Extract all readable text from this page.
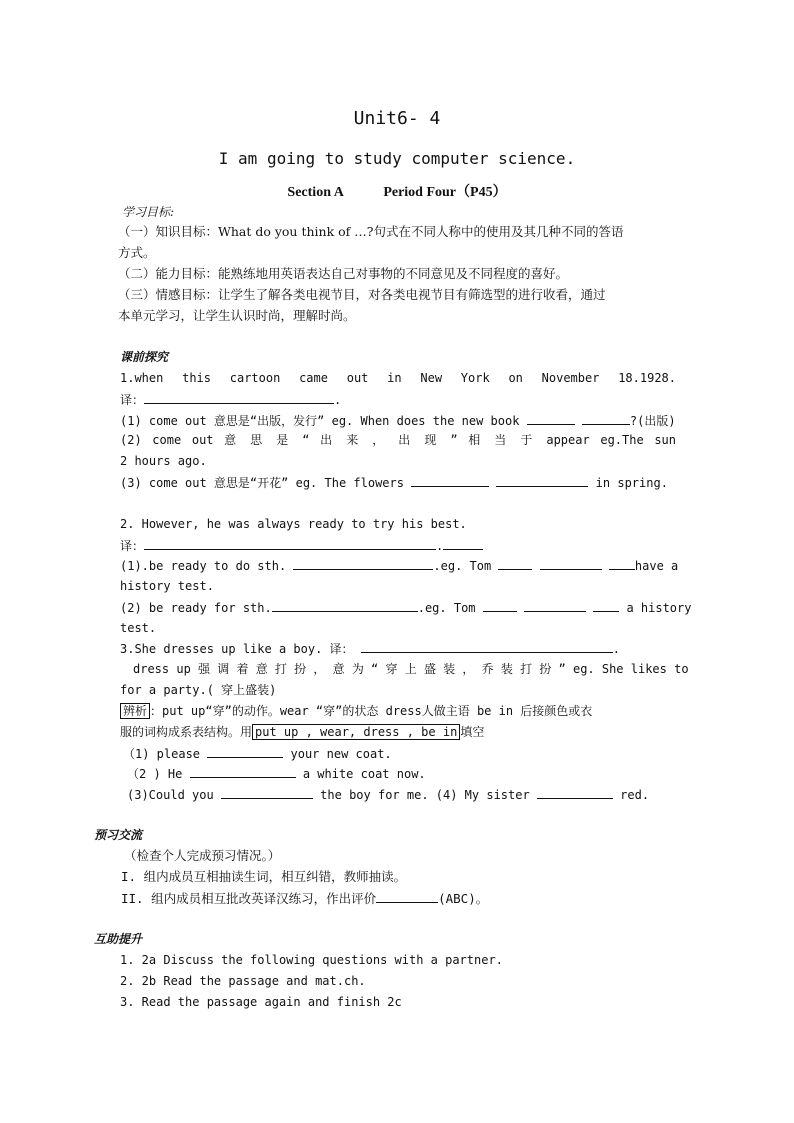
Unit6- 4
I am going to study computer science.
Section A	Period Four（P45）
学习目标:
（一）知识目标：What do you think of …?句式在不同人称中的使用及其几种不同的答语
方式。
（二）能力目标：能熟练地用英语表达自己对事物的不同意见及不同程度的喜好。
（三）情感目标：让学生了解各类电视节目，对各类电视节目有筛选型的进行收看，通过
本单元学习，让学生认识时尚，理解时尚。
课前探究
1.when this cartoon came out in New York on November 18.1928.
译：	.
(1) come out 意思是“出版，发行” eg. When does the new book	?(出版)
(2) come out 意 思 是 “ 出 来 ， 出 现 ” 相 当 于 appear eg.The sun
2 hours ago.
(3) come out 意思是“开花” eg. The flowers	in spring.
2. However, he was always ready to try his best.
译：	.
(1).be ready to do sth.	.eg. Tom	have a
history test.
(2) be ready for sth.	.eg. Tom	a history
test.
3.She dresses up like a boy. 译：	.
dress up 强 调 着 意 打 扮 ， 意 为 “ 穿 上 盛 装 ， 乔 装 打 扮 ” eg. She likes to
for a party.( 穿上盛装)
辨析 ：put up“穿”的动作。wear “穿”的状态 dress人做主语 be in 后接颜色或衣
服的词构成系表结构。用 put up , wear, dress , be in 填空
（1) please	your new coat.
（2 ) He	a white coat now.
(3)Could you	the boy for me. (4) My sister	red.
预习交流
（检查个人完成预习情况。）
I. 组内成员互相抽读生词，相互纠错，教师抽读。
II. 组内成员相互批改英译汉练习，作出评价	(ABC)。
互助提升
1. 2a Discuss the following questions with a partner.
2. 2b Read the passage and mat.ch.
3. Read the passage again and finish 2c
